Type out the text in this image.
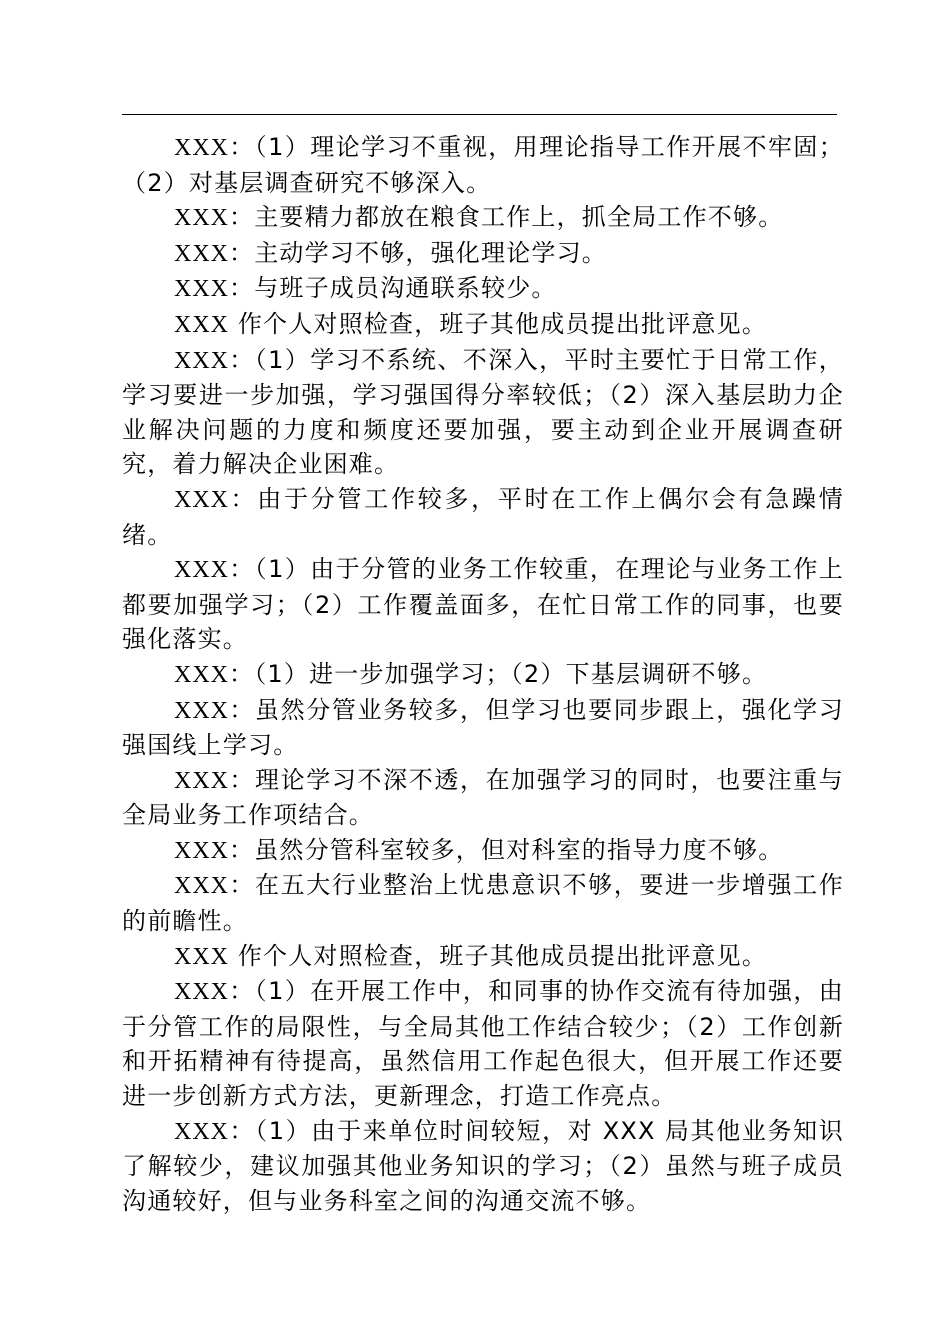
XXX：（1）理论学习不重视，用理论指导工作开展不牢固；（2）对基层调查研究不够深入。

XXX：主要精力都放在粮食工作上，抓全局工作不够。

XXX：主动学习不够，强化理论学习。

XXX：与班子成员沟通联系较少。

XXX 作个人对照检查，班子其他成员提出批评意见。

XXX：（1）学习不系统、不深入，平时主要忙于日常工作，学习要进一步加强，学习强国得分率较低；（2）深入基层助力企业解决问题的力度和频度还要加强，要主动到企业开展调查研究，着力解决企业困难。

XXX：由于分管工作较多，平时在工作上偶尔会有急躁情绪。

XXX：（1）由于分管的业务工作较重，在理论与业务工作上都要加强学习；（2）工作覆盖面多，在忙日常工作的同事，也要强化落实。

XXX：（1）进一步加强学习；（2）下基层调研不够。

XXX：虽然分管业务较多，但学习也要同步跟上，强化学习强国线上学习。

XXX：理论学习不深不透，在加强学习的同时，也要注重与全局业务工作项结合。

XXX：虽然分管科室较多，但对科室的指导力度不够。

XXX：在五大行业整治上忧患意识不够，要进一步增强工作的前瞻性。

XXX 作个人对照检查，班子其他成员提出批评意见。

XXX：（1）在开展工作中，和同事的协作交流有待加强，由于分管工作的局限性，与全局其他工作结合较少；（2）工作创新和开拓精神有待提高，虽然信用工作起色很大，但开展工作还要进一步创新方式方法，更新理念，打造工作亮点。

XXX：（1）由于来单位时间较短，对 XXX 局其他业务知识了解较少，建议加强其他业务知识的学习；（2）虽然与班子成员沟通较好，但与业务科室之间的沟通交流不够。
